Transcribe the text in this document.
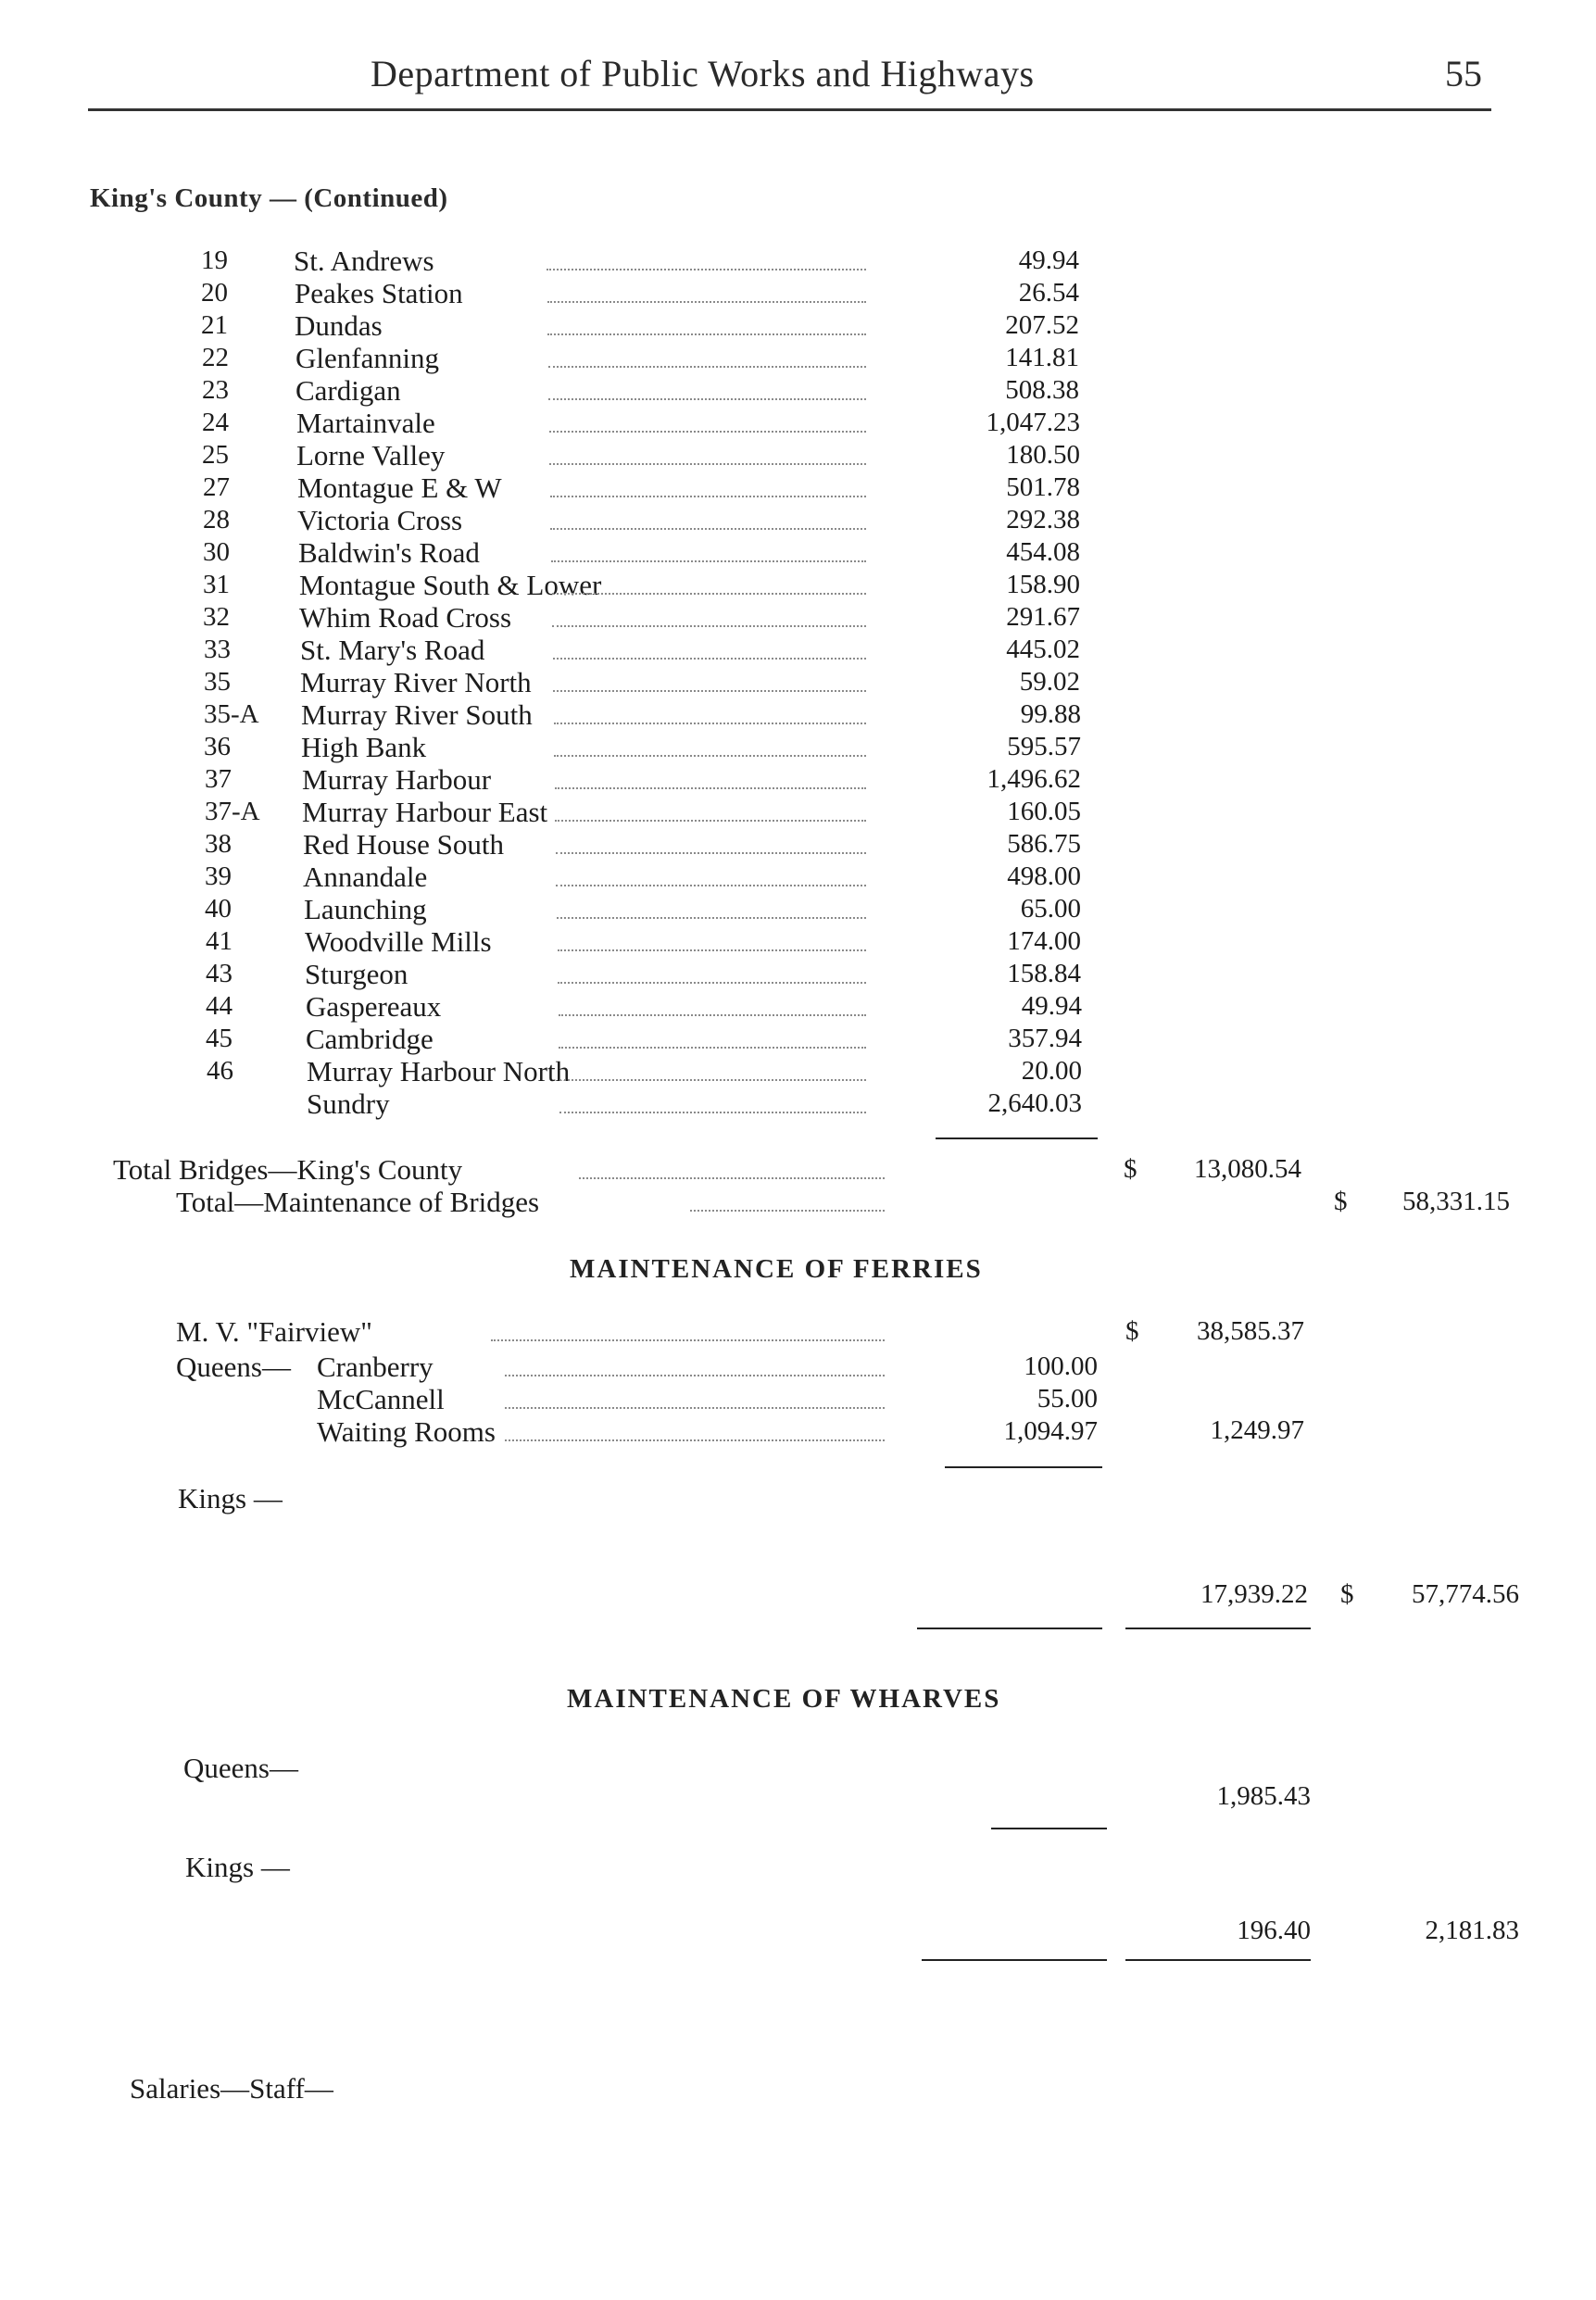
Department of Public Works and Highways	55
King's County — (Continued)
19	St. Andrews	49.94
20	Peakes Station	26.54
21	Dundas	207.52
22	Glenfanning	141.81
23	Cardigan	508.38
24	Martainvale	1,047.23
25	Lorne Valley	180.50
27	Montague E & W	501.78
28	Victoria Cross	292.38
30	Baldwin's Road	454.08
31	Montague South & Lower	158.90
32	Whim Road Cross	291.67
33	St. Mary's Road	445.02
35	Murray River North	59.02
35-A	Murray River South	99.88
36	High Bank	595.57
37	Murray Harbour	1,496.62
37-A	Murray Harbour East	160.05
38	Red House South	586.75
39	Annandale	498.00
40	Launching	65.00
41	Woodville Mills	174.00
43	Sturgeon	158.84
44	Gaspereaux	49.94
45	Cambridge	357.94
46	Murray Harbour North	20.00
Sundry	2,640.03
Total Bridges—King's County	$	13,080.54
Total—Maintenance of Bridges	$	58,331.15
MAINTENANCE OF FERRIES
M. V. "Fairview"	$	38,585.37
Queens— Cranberry	100.00
McCannell	55.00
Waiting Rooms	1,094.97	1,249.97
Kings —
17,939.22 $	57,774.56
MAINTENANCE OF WHARVES
Queens—
1,985.43
Kings —
196.40	2,181.83
Salaries—Staff—
